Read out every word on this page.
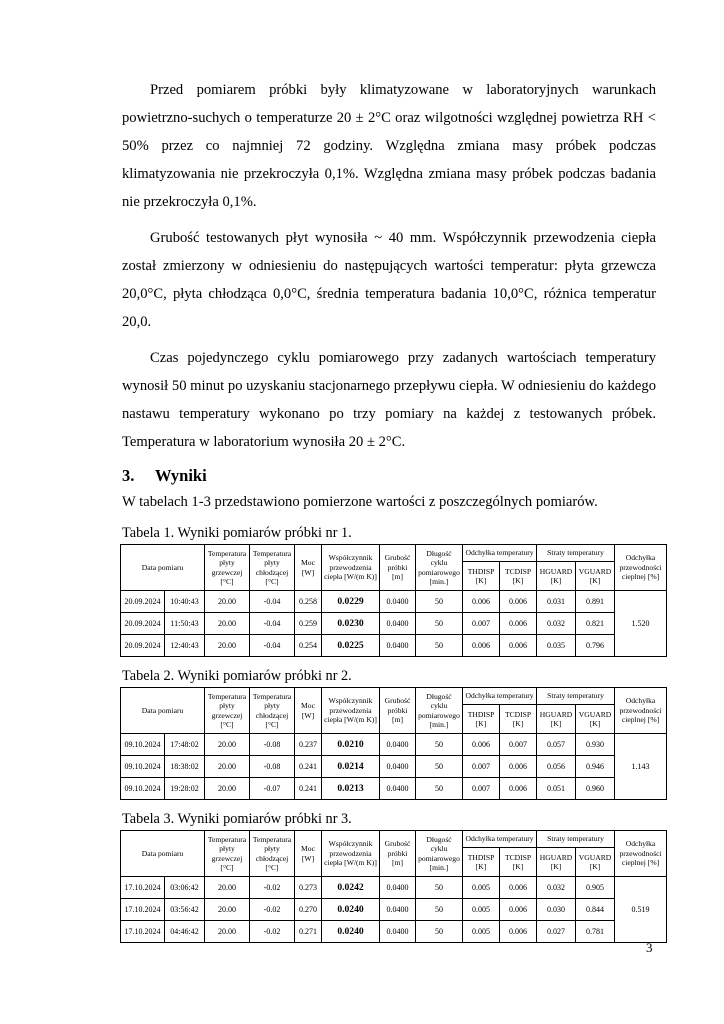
Przed pomiarem próbki były klimatyzowane w laboratoryjnych warunkach powietrzno-suchych o temperaturze 20 ± 2°C oraz wilgotności względnej powietrza RH < 50% przez co najmniej 72 godziny. Względna zmiana masy próbek podczas klimatyzowania nie przekroczyła 0,1%. Względna zmiana masy próbek podczas badania nie przekroczyła 0,1%.

Grubość testowanych płyt wynosiła ~ 40 mm. Współczynnik przewodzenia ciepła został zmierzony w odniesieniu do następujących wartości temperatur: płyta grzewcza 20,0°C, płyta chłodząca 0,0°C, średnia temperatura badania 10,0°C, różnica temperatur 20,0.

Czas pojedynczego cyklu pomiarowego przy zadanych wartościach temperatury wynosił 50 minut po uzyskaniu stacjonarnego przepływu ciepła. W odniesieniu do każdego nastawu temperatury wykonano po trzy pomiary na każdej z testowanych próbek. Temperatura w laboratorium wynosiła 20 ± 2°C.

3. Wyniki

W tabelach 1-3 przedstawiono pomierzone wartości z poszczególnych pomiarów.

Tabela 1. Wyniki pomiarów próbki nr 1.

Data pomiaru		Temperatura płyty grzewczej [°C]	Temperatura płyty chłodzącej [°C]	Moc [W]	Współczynnik przewodzenia ciepła [W/(m K)]	Grubość próbki [m]	Długość cyklu pomiarowego [min.]	Odchyłka temperatury		Straty temperatury		Odchyłka przewodności cieplnej [%]
								THDISP [K]	TCDISP [K]	HGUARD [K]	VGUARD [K]	
20.09.2024	10:40:43	20.00	-0.04	0.258	0.0229	0.0400	50	0.006	0.006	0.031	0.891	1.520
20.09.2024	11:50:43	20.00	-0.04	0.259	0.0230	0.0400	50	0.007	0.006	0.032	0.821	
20.09.2024	12:40:43	20.00	-0.04	0.254	0.0225	0.0400	50	0.006	0.006	0.035	0.796	

Tabela 2. Wyniki pomiarów próbki nr 2.

Data pomiaru		Temperatura płyty grzewczej [°C]	Temperatura płyty chłodzącej [°C]	Moc [W]	Współczynnik przewodzenia ciepła [W/(m K)]	Grubość próbki [m]	Długość cyklu pomiarowego [min.]	Odchyłka temperatury		Straty temperatury		Odchyłka przewodności cieplnej [%]
								THDISP [K]	TCDISP [K]	HGUARD [K]	VGUARD [K]	
09.10.2024	17:48:02	20.00	-0.08	0.237	0.0210	0.0400	50	0.006	0.007	0.057	0.930	1.143
09.10.2024	18:38:02	20.00	-0.08	0.241	0.0214	0.0400	50	0.007	0.006	0.056	0.946	
09.10.2024	19:28:02	20.00	-0.07	0.241	0.0213	0.0400	50	0.007	0.006	0.051	0.960	

Tabela 3. Wyniki pomiarów próbki nr 3.

Data pomiaru		Temperatura płyty grzewczej [°C]	Temperatura płyty chłodzącej [°C]	Moc [W]	Współczynnik przewodzenia ciepła [W/(m K)]	Grubość próbki [m]	Długość cyklu pomiarowego [min.]	Odchyłka temperatury		Straty temperatury		Odchyłka przewodności cieplnej [%]
								THDISP [K]	TCDISP [K]	HGUARD [K]	VGUARD [K]	
17.10.2024	03:06:42	20.00	-0.02	0.273	0.0242	0.0400	50	0.005	0.006	0.032	0.905	0.519
17.10.2024	03:56:42	20.00	-0.02	0.270	0.0240	0.0400	50	0.005	0.006	0.030	0.844	
17.10.2024	04:46:42	20.00	-0.02	0.271	0.0240	0.0400	50	0.005	0.006	0.027	0.781	
3
